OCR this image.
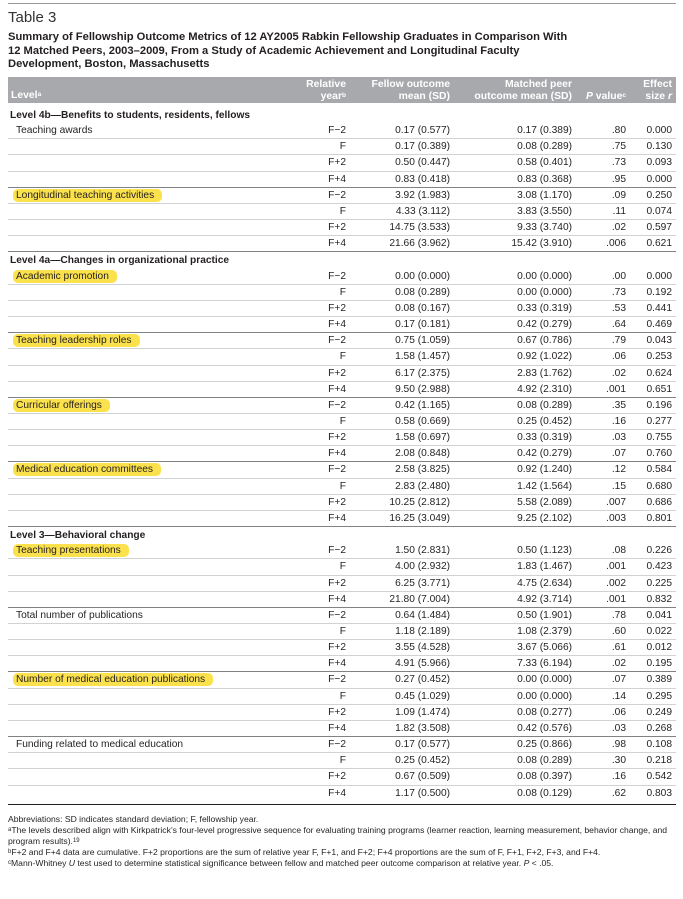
Table 3
Summary of Fellowship Outcome Metrics of 12 AY2005 Rabkin Fellowship Graduates in Comparison With 12 Matched Peers, 2003–2009, From a Study of Academic Achievement and Longitudinal Faculty Development, Boston, Massachusetts
Level$^a$
Relative
year$^b$
Fellow outcome
mean (SD)
Matched peer
outcome mean (SD)	P value$^c$
Effect
size r
Level 4b—Benefits to students, residents, fellows
Teaching awards	F−2	0.17 (0.577)	0.17 (0.389)	.80	0.000
F	0.17 (0.389)	0.08 (0.289)	.75	0.130
F+2	0.50 (0.447)	0.58 (0.401)	.73	0.093
F+4	0.83 (0.418)	0.83 (0.368)	.95	0.000
Longitudinal teaching activities	F−2	3.92 (1.983)	3.08 (1.170)	.09	0.250
F	4.33 (3.112)	3.83 (3.550)	.11	0.074
F+2	14.75 (3.533)	9.33 (3.740)	.02	0.597
F+4	21.66 (3.962)	15.42 (3.910)	.006	0.621
Level 4a—Changes in organizational practice
Academic promotion	F−2	0.00 (0.000)	0.00 (0.000)	.00	0.000
F	0.08 (0.289)	0.00 (0.000)	.73	0.192
F+2	0.08 (0.167)	0.33 (0.319)	.53	0.441
F+4	0.17 (0.181)	0.42 (0.279)	.64	0.469
Teaching leadership roles	F−2	0.75 (1.059)	0.67 (0.786)	.79	0.043
F	1.58 (1.457)	0.92 (1.022)	.06	0.253
F+2	6.17 (2.375)	2.83 (1.762)	.02	0.624
F+4	9.50 (2.988)	4.92 (2.310)	.001	0.651
Curricular offerings	F−2	0.42 (1.165)	0.08 (0.289)	.35	0.196
F	0.58 (0.669)	0.25 (0.452)	.16	0.277
F+2	1.58 (0.697)	0.33 (0.319)	.03	0.755
F+4	2.08 (0.848)	0.42 (0.279)	.07	0.760
Medical education committees	F−2	2.58 (3.825)	0.92 (1.240)	.12	0.584
F	2.83 (2.480)	1.42 (1.564)	.15	0.680
F+2	10.25 (2.812)	5.58 (2.089)	.007	0.686
F+4	16.25 (3.049)	9.25 (2.102)	.003	0.801
Level 3—Behavioral change
Teaching presentations	F−2	1.50 (2.831)	0.50 (1.123)	.08	0.226
F	4.00 (2.932)	1.83 (1.467)	.001	0.423
F+2	6.25 (3.771)	4.75 (2.634)	.002	0.225
F+4	21.80 (7.004)	4.92 (3.714)	.001	0.832
Total number of publications	F−2	0.64 (1.484)	0.50 (1.901)	.78	0.041
F	1.18 (2.189)	1.08 (2.379)	.60	0.022
F+2	3.55 (4.528)	3.67 (5.066)	.61	0.012
F+4	4.91 (5.966)	7.33 (6.194)	.02	0.195
Number of medical education publications	F−2	0.27 (0.452)	0.00 (0.000)	.07	0.389
F	0.45 (1.029)	0.00 (0.000)	.14	0.295
F+2	1.09 (1.474)	0.08 (0.277)	.06	0.249
F+4	1.82 (3.508)	0.42 (0.576)	.03	0.268
Funding related to medical education	F−2	0.17 (0.577)	0.25 (0.866)	.98	0.108
F	0.25 (0.452)	0.08 (0.289)	.30	0.218
F+2	0.67 (0.509)	0.08 (0.397)	.16	0.542
F+4	1.17 (0.500)	0.08 (0.129)	.62	0.803

Abbreviations: SD indicates standard deviation; F, fellowship year.

$^a$The levels described align with Kirkpatrick’s four-level progressive sequence for evaluating training programs (learner reaction, learning measurement, behavior change, and program results).$^{19}$

$^b$F+2 and F+4 data are cumulative. F+2 proportions are the sum of relative year F, F+1, and F+2; F+4 proportions are the sum of F, F+1, F+2, F+3, and F+4.

$^c$Mann-Whitney U test used to determine statistical significance between fellow and matched peer outcome comparison at relative year. P < .05.
